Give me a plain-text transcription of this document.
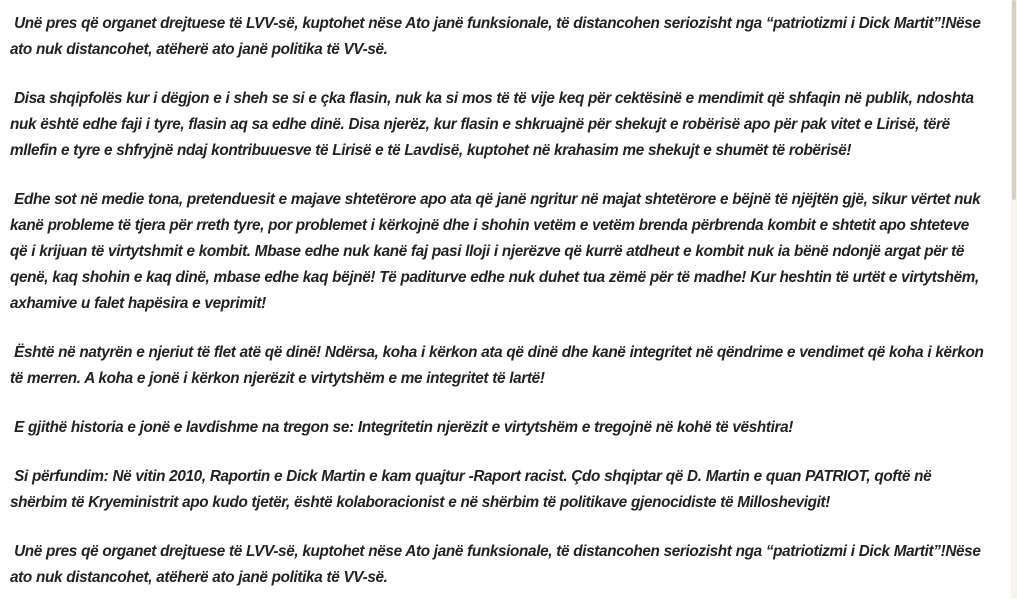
Unë pres që organet drejtuese të LVV-së, kuptohet nëse Ato janë funksionale, të distancohen seriozisht nga “patriotizmi i Dick Martit”!Nëse ato nuk distancohet, atëherë ato janë politika të VV-së.

Disa shqipfolës kur i dëgjon e i sheh se si e çka flasin, nuk ka si mos të të vije keq për cektësinë e mendimit që shfaqin në publik, ndoshta nuk është edhe faji i tyre, flasin aq sa edhe dinë. Disa njerëz, kur flasin e shkruajnë për shekujt e robërisë apo për pak vitet e Lirisë, tërë mllefin e tyre e shfryjnë ndaj kontribuuesve të Lirisë e të Lavdisë, kuptohet në krahasim me shekujt e shumët të robërisë!

Edhe sot në medie tona, pretenduesit e majave shtetërore apo ata që janë ngritur në majat shtetërore e bëjnë të njëjtën gjë, sikur vërtet nuk kanë probleme të tjera për rreth tyre, por problemet i kërkojnë dhe i shohin vetëm e vetëm brenda përbrenda kombit e shtetit apo shteteve që i krijuan të virtytshmit e kombit. Mbase edhe nuk kanë faj pasi lloji i njerëzve që kurrë atdheut e kombit nuk ia bënë ndonjë argat për të qenë, kaq shohin e kaq dinë, mbase edhe kaq bëjnë! Të paditurve edhe nuk duhet tua zëmë për të madhe! Kur heshtin të urtët e virtytshëm, axhamive u falet hapësira e veprimit!

Është në natyrën e njeriut të flet atë që dinë! Ndërsa, koha i kërkon ata që dinë dhe kanë integritet në qëndrime e vendimet që koha i kërkon të merren. A koha e jonë i kërkon njerëzit e virtytshëm e me integritet të lartë!

E gjithë historia e jonë e lavdishme na tregon se: Integritetin njerëzit e virtytshëm e tregojnë në kohë të vështira!

Si përfundim: Në vitin 2010, Raportin e Dick Martin e kam quajtur -Raport racist. Çdo shqiptar që D. Martin e quan PATRIOT, qoftë në shërbim të Kryeministrit apo kudo tjetër, është kolaboracionist e në shërbim të politikave gjenocidiste të Milloshevigit!

Unë pres që organet drejtuese të LVV-së, kuptohet nëse Ato janë funksionale, të distancohen seriozisht nga “patriotizmi i Dick Martit”!Nëse ato nuk distancohet, atëherë ato janë politika të VV-së.
